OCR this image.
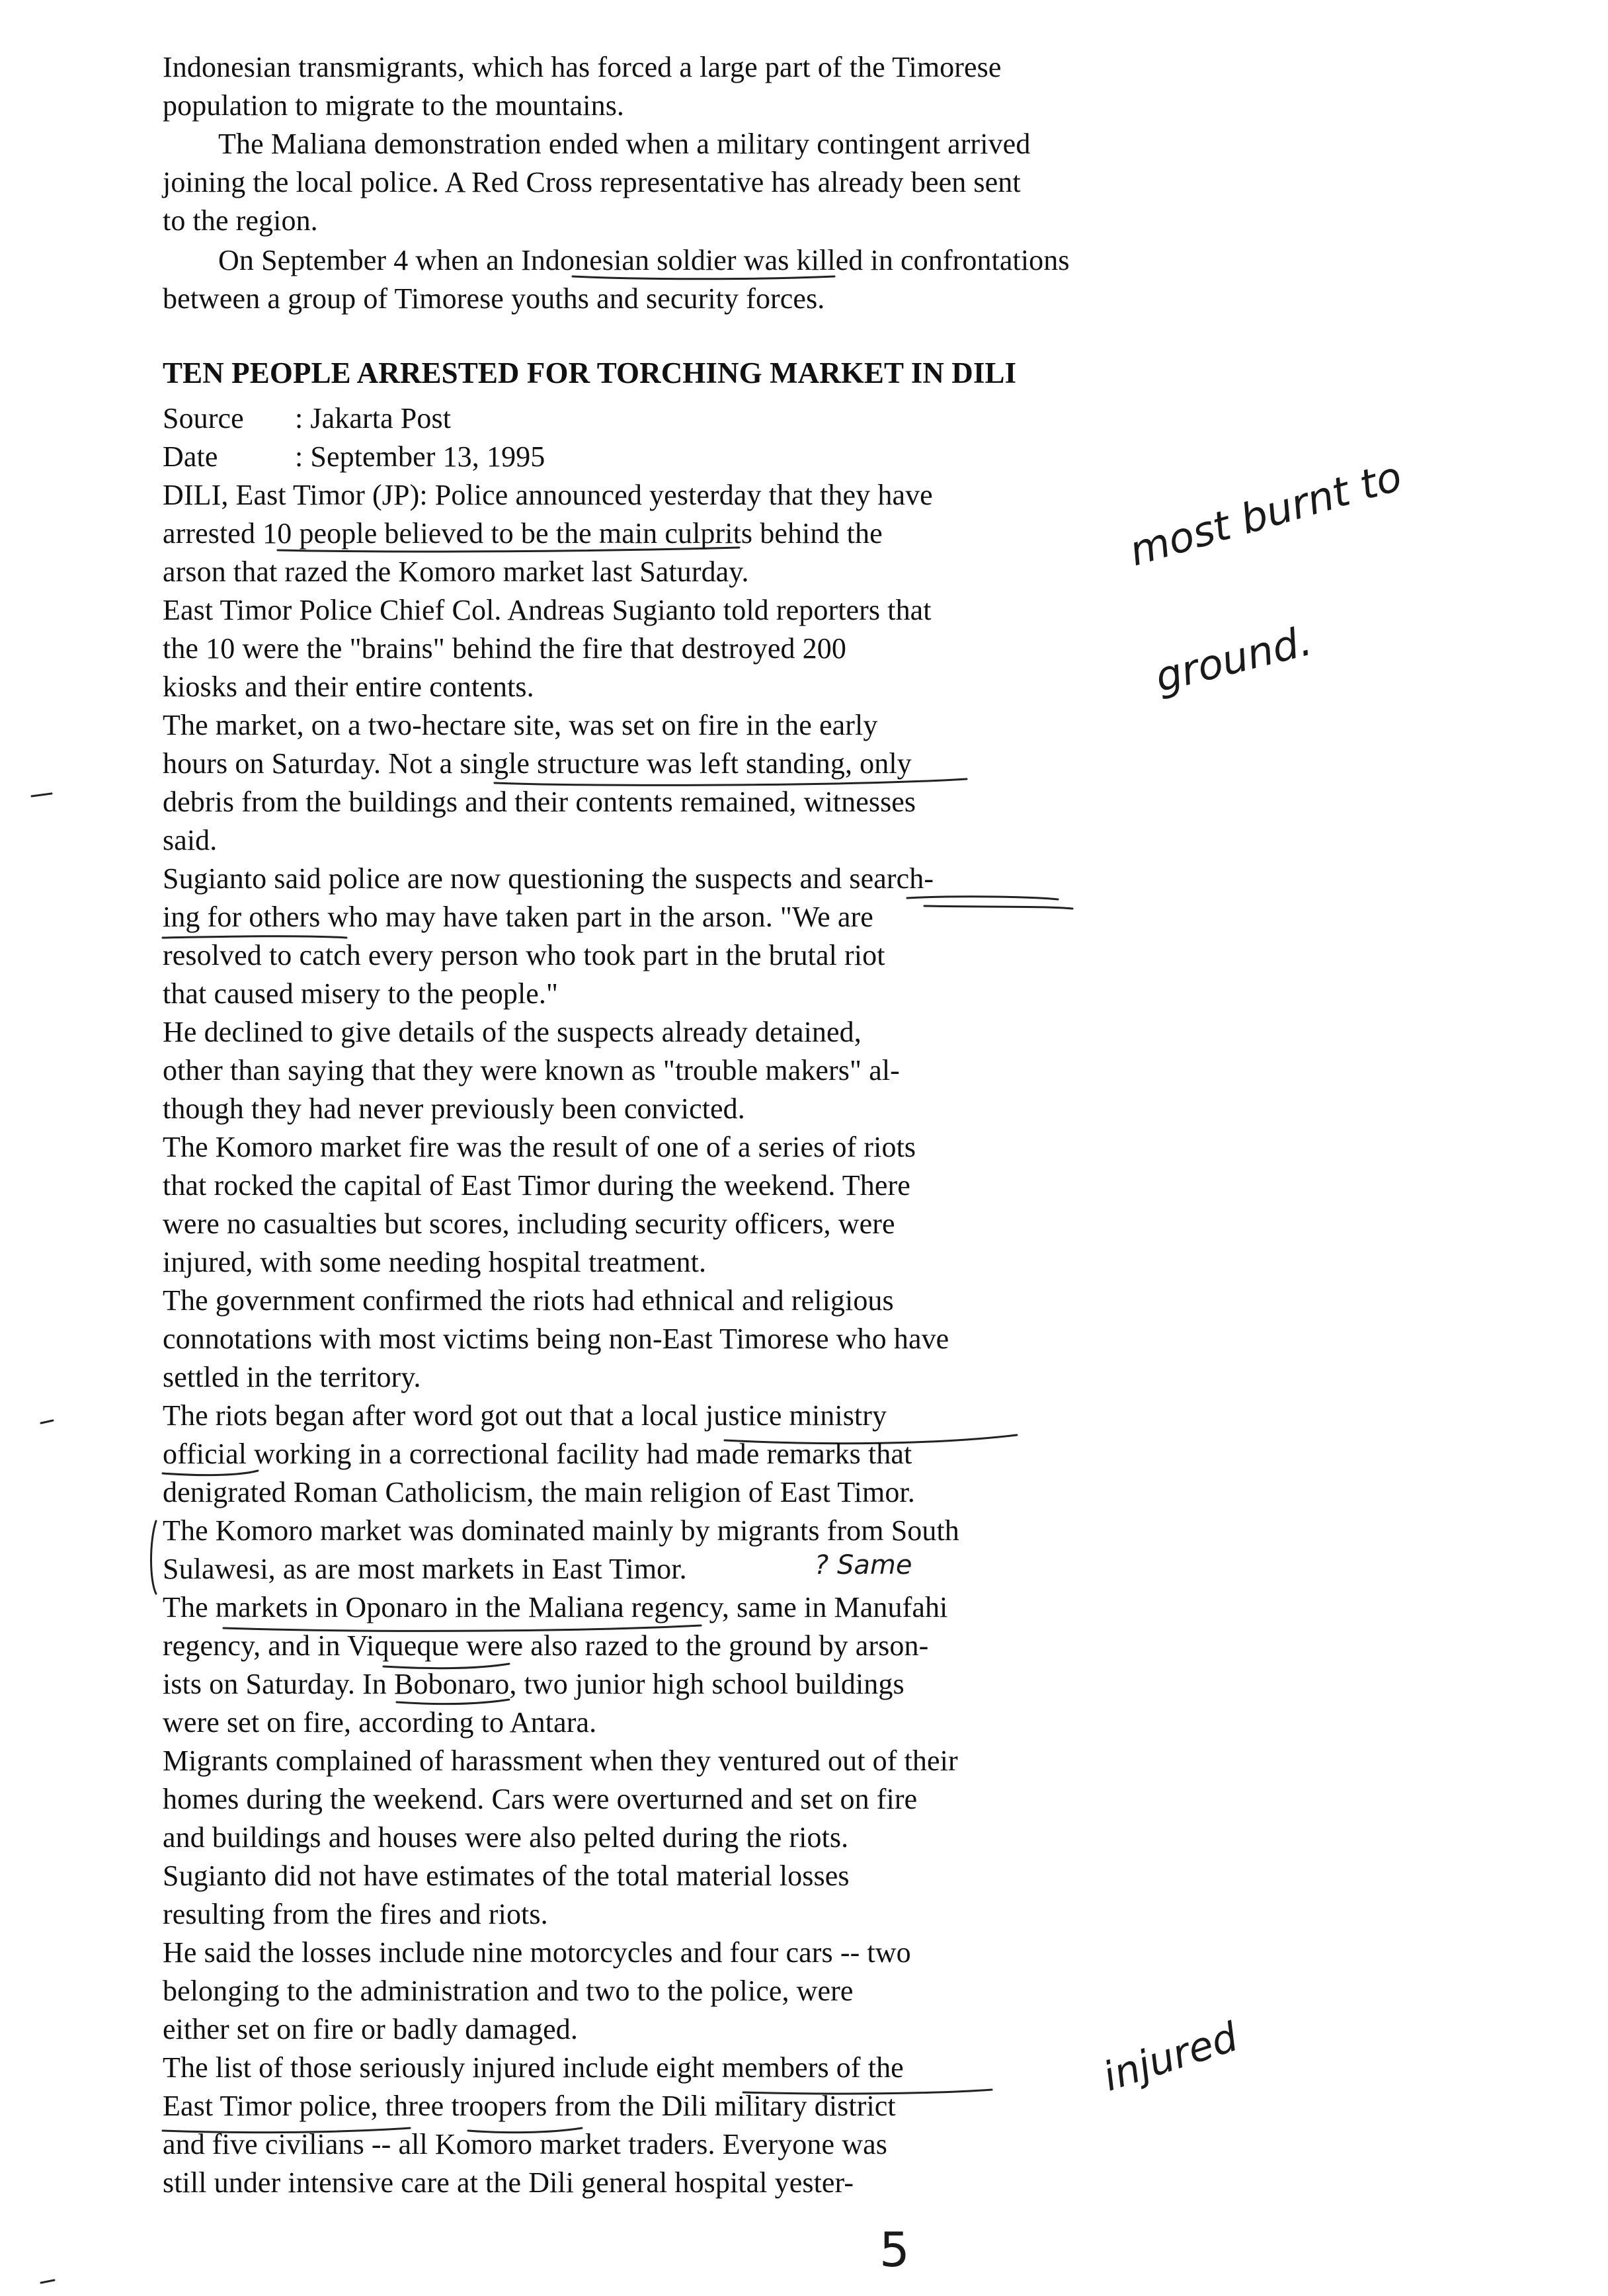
Indonesian transmigrants, which has forced a large part of the Timorese
population to migrate to the mountains.
The Maliana demonstration ended when a military contingent arrived
joining the local police. A Red Cross representative has already been sent
to the region.
On September 4 when an Indonesian soldier was killed in confrontations
between a group of Timorese youths and security forces.
TEN PEOPLE ARRESTED FOR TORCHING MARKET IN DILI
Source : Jakarta Post
Date	: September 13, 1995
DILI, East Timor (JP): Police announced yesterday that they have
arrested 10 people believed to be the main culprits behind the
arson that razed the Komoro market last Saturday.
East Timor Police Chief Col. Andreas Sugianto told reporters that
the 10 were the "brains" behind the fire that destroyed 200
kiosks and their entire contents.
The market, on a two-hectare site, was set on fire in the early
hours on Saturday. Not a single structure was left standing, only
debris from the buildings and their contents remained, witnesses
said.
Sugianto said police are now questioning the suspects and search-
ing for others who may have taken part in the arson. "We are
resolved to catch every person who took part in the brutal riot
that caused misery to the people."
He declined to give details of the suspects already detained,
other than saying that they were known as "trouble makers" al-
though they had never previously been convicted.
The Komoro market fire was the result of one of a series of riots
that rocked the capital of East Timor during the weekend. There
were no casualties but scores, including security officers, were
injured, with some needing hospital treatment.
The government confirmed the riots had ethnical and religious
connotations with most victims being non-East Timorese who have
settled in the territory.
The riots began after word got out that a local justice ministry
official working in a correctional facility had made remarks that
denigrated Roman Catholicism, the main religion of East Timor.
The Komoro market was dominated mainly by migrants from South
Sulawesi, as are most markets in East Timor.
The markets in Oponaro in the Maliana regency, same in Manufahi
regency, and in Viqueque were also razed to the ground by arson-
ists on Saturday. In Bobonaro, two junior high school buildings
were set on fire, according to Antara.
Migrants complained of harassment when they ventured out of their
homes during the weekend. Cars were overturned and set on fire
and buildings and houses were also pelted during the riots.
Sugianto did not have estimates of the total material losses
resulting from the fires and riots.
He said the losses include nine motorcycles and four cars -- two
belonging to the administration and two to the police, were
either set on fire or badly damaged.
The list of those seriously injured include eight members of the
East Timor police, three troopers from the Dili military district
and five civilians -- all Komoro market traders. Everyone was
still under intensive care at the Dili general hospital yester-
most burnt to
ground.
? Same
injured
5
